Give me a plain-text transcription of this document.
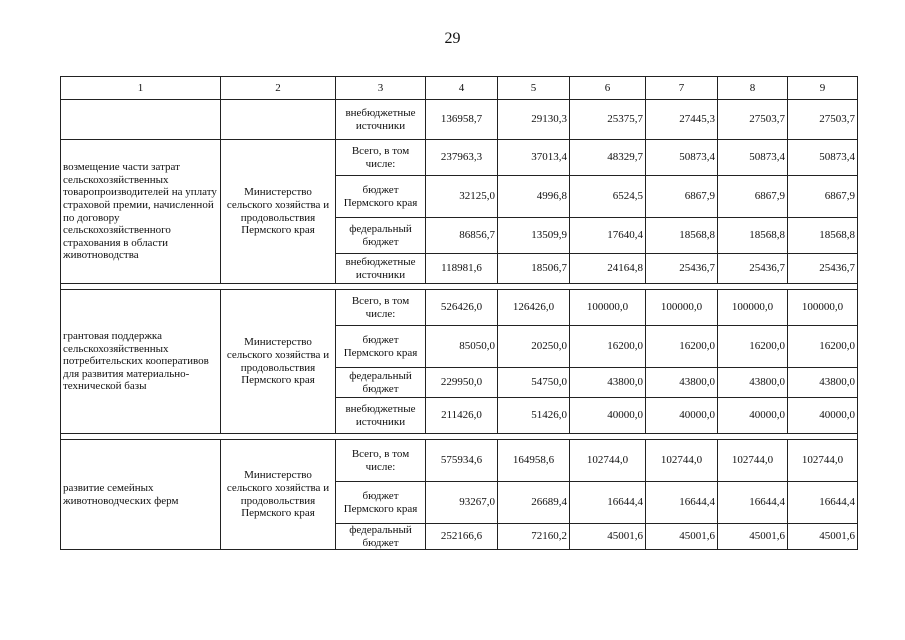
29
1	2	3	4	5	6	7	8	9
		внебюджетные источники	136958,7	29130,3	25375,7	27445,3	27503,7	27503,7
возмещение части затрат сельскохозяйственных товаропроизводителей на уплату страховой премии, начисленной по договору сельскохозяйственного страхования в области животноводства	Министерство сельского хозяйства и продовольствия Пермского края	Всего, в том числе:	237963,3	37013,4	48329,7	50873,4	50873,4	50873,4
		бюджет Пермского края	32125,0	4996,8	6524,5	6867,9	6867,9	6867,9
		федеральный бюджет	86856,7	13509,9	17640,4	18568,8	18568,8	18568,8
		внебюджетные источники	118981,6	18506,7	24164,8	25436,7	25436,7	25436,7

грантовая поддержка сельскохозяйственных потребительских кооперативов для развития материально-технической базы	Министерство сельского хозяйства и продовольствия Пермского края	Всего, в том числе:	526426,0	126426,0	100000,0	100000,0	100000,0	100000,0
		бюджет Пермского края	85050,0	20250,0	16200,0	16200,0	16200,0	16200,0
		федеральный бюджет	229950,0	54750,0	43800,0	43800,0	43800,0	43800,0
		внебюджетные источники	211426,0	51426,0	40000,0	40000,0	40000,0	40000,0

развитие семейных животноводческих ферм	Министерство сельского хозяйства и продовольствия Пермского края	Всего, в том числе:	575934,6	164958,6	102744,0	102744,0	102744,0	102744,0
		бюджет Пермского края	93267,0	26689,4	16644,4	16644,4	16644,4	16644,4
		федеральный бюджет	252166,6	72160,2	45001,6	45001,6	45001,6	45001,6
